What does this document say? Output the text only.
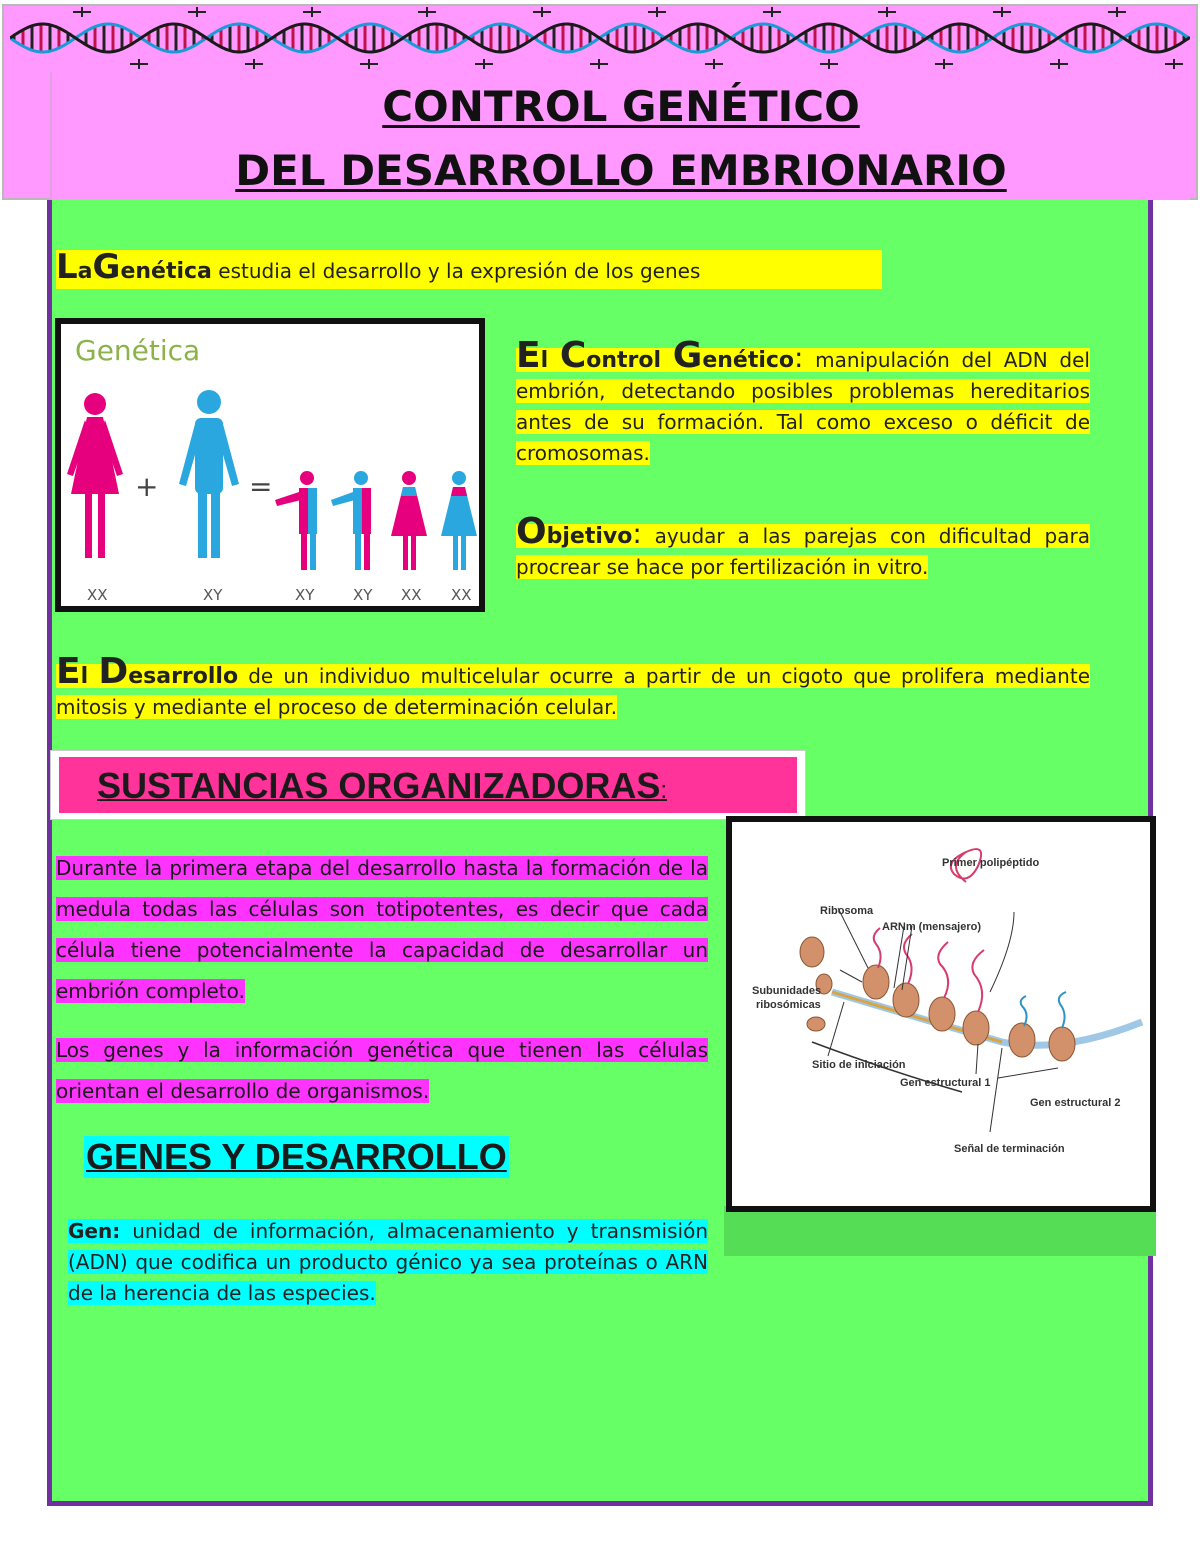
CONTROL GENÉTICO
DEL DESARROLLO EMBRIONARIO
LaGenética estudia el desarrollo y la expresión de los genes
Genética
+	=
XX	XY	XY	XY XX XX
El Control Genético: manipulación del ADN del embrión, detectando posibles problemas hereditarios antes de su formación. Tal como exceso o déficit de cromosomas.
Objetivo: ayudar a las parejas con dificultad para procrear se hace por fertilización in vitro.
El Desarrollo de un individuo multicelular ocurre a partir de un cigoto que prolifera mediante mitosis y mediante el proceso de determinación celular.
SUSTANCIAS ORGANIZADORAS:
Durante la primera etapa del desarrollo hasta la formación de la medula todas las células son totipotentes, es decir que cada célula tiene potencialmente la capacidad de desarrollar un embrión completo.
Los genes y la información genética que tienen las células orientan el desarrollo de organismos.
Primer polipéptido
Ribosoma
ARNm (mensajero)
Subunidades
ribosómicas
Sitio de iniciación
Gen estructural 1
Gen estructural 2
Señal de terminación
GENES Y DESARROLLO
Gen: unidad de información, almacenamiento y transmisión (ADN) que codifica un producto génico ya sea proteínas o ARN de la herencia de las especies.
